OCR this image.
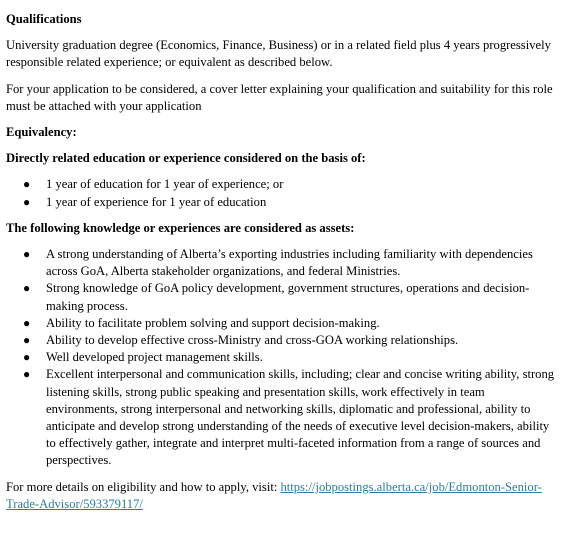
Qualifications

University graduation degree (Economics, Finance, Business) or in a related field plus 4 years progressively responsible related experience; or equivalent as described below.

For your application to be considered, a cover letter explaining your qualification and suitability for this role must be attached with your application

Equivalency:

Directly related education or experience considered on the basis of:

● 1 year of education for 1 year of experience; or
● 1 year of experience for 1 year of education

The following knowledge or experiences are considered as assets:

● A strong understanding of Alberta’s exporting industries including familiarity with dependencies across GoA, Alberta stakeholder organizations, and federal Ministries.
● Strong knowledge of GoA policy development, government structures, operations and decision-making process.
● Ability to facilitate problem solving and support decision-making.
● Ability to develop effective cross-Ministry and cross-GOA working relationships.
● Well developed project management skills.
● Excellent interpersonal and communication skills, including; clear and concise writing ability, strong listening skills, strong public speaking and presentation skills, work effectively in team environments, strong interpersonal and networking skills, diplomatic and professional, ability to anticipate and develop strong understanding of the needs of executive level decision-makers, ability to effectively gather, integrate and interpret multi-faceted information from a range of sources and perspectives.

For more details on eligibility and how to apply, visit: https://jobpostings.alberta.ca/job/Edmonton-Senior-Trade-Advisor/593379117/
